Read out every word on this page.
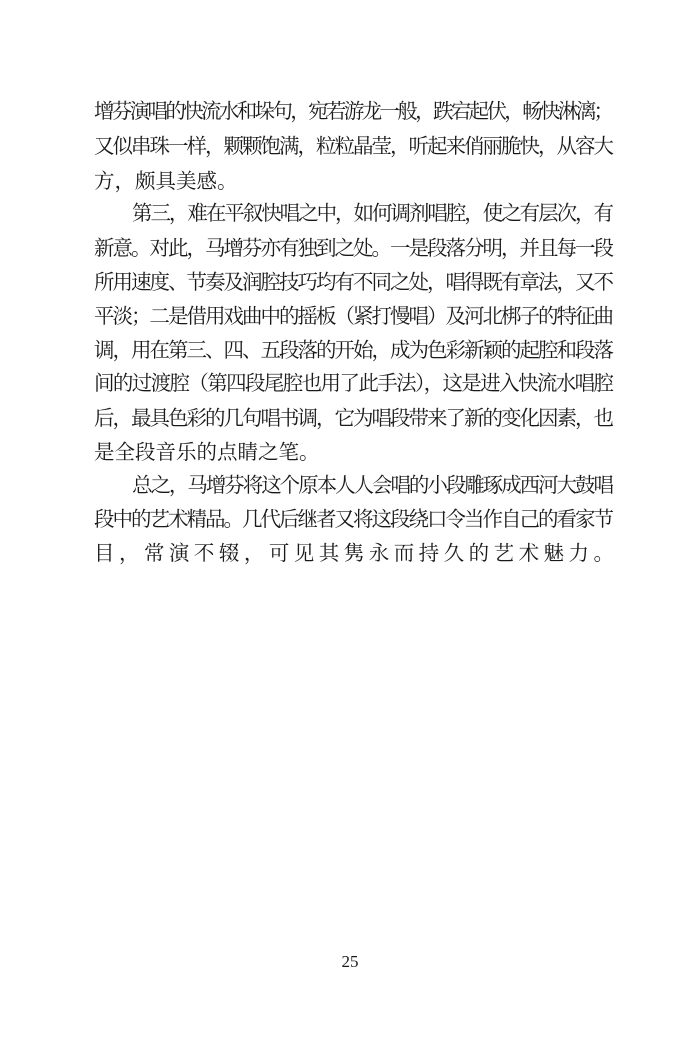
增芬演唱的快流水和垛句，宛若游龙一般，跌宕起伏，畅快淋漓；

又似串珠一样，颗颗饱满，粒粒晶莹，听起来俏丽脆快，从容大

方，颇具美感。

第三，难在平叙快唱之中，如何调剂唱腔，使之有层次，有

新意。对此，马增芬亦有独到之处。一是段落分明，并且每一段

所用速度、节奏及润腔技巧均有不同之处，唱得既有章法，又不

平淡；二是借用戏曲中的摇板（紧打慢唱）及河北梆子的特征曲

调，用在第三、四、五段落的开始，成为色彩新颖的起腔和段落

间的过渡腔（第四段尾腔也用了此手法），这是进入快流水唱腔

后，最具色彩的几句唱书调，它为唱段带来了新的变化因素，也

是全段音乐的点睛之笔。

总之，马增芬将这个原本人人会唱的小段雕琢成西河大鼓唱

段中的艺术精品。几代后继者又将这段绕口令当作自己的看家节

目，常演不辍，可见其隽永而持久的艺术魅力。

25
